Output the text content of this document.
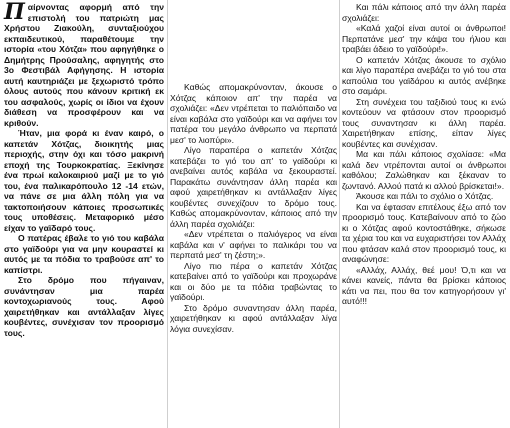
Παίρνοντας αφορμή από την επιστολή του πατριώτη μας Χρήστου Ζιακούλη, συνταξιούχου εκπαιδευτικού, παραθέτουμε την ιστορία «του Χότζα» που αφηγήθηκε ο Δημήτρης Προύσαλης, αφηγητής στο 3ο Φεστιβάλ Αφήγησης. Η ιστορία αυτή καυτηριάζει με ξεχωριστό τρόπο όλους αυτούς που κάνουν κριτική εκ του ασφαλούς, χωρίς οι ίδιοι να έχουν διάθεση να προσφέρουν και να κριθούν.

Ήταν, μια φορά κι έναν καιρό, ο καπετάν Χότζας, διοικητής μιας περιοχής, στην όχι και τόσο μακρινή εποχή της Τουρκοκρατίας. Ξεκίνησε ένα πρωί καλοκαιριού μαζί με το γιό του, ένα παλικαρόπουλο 12 -14 ετών, να πάνε σε μια άλλη πόλη για να τακτοποιήσουν κάποιες προσωπικές τους υποθέσεις. Μεταφορικό μέσο είχαν το γαϊδαρό τους.

Ο πατέρας έβαλε το γιό του καβάλα στο γαϊδούρι για να μην κουραστεί κι αυτός με τα πόδια το τραβούσε απ' το καπίστρι.

Στο δρόμο που πήγαιναν, συνάντησαν μια παρέα κοντοχωριανούς τους. Αφού χαιρετήθηκαν και αντάλλαξαν λίγες κουβέντες, συνέχισαν τον προορισμό τους.

Καθώς απομακρύνονταν, άκουσε ο Χότζας κάποιον απ' την παρέα να σχολιάζει: «Δεν ντρέπεται το παλιόπαιδο να είναι καβάλα στο γαϊδούρι και να αφήνει τον πατέρα του μεγάλο άνθρωπο να περπατά μεσ' το λιοπύρι».

Λίγο παραπέρα ο καπετάν Χότζας κατεβάζει το γιό του απ' το γαϊδούρι κι ανεβαίνει αυτός καβάλα να ξεκουραστεί. Παρακάτω συνάντησαν άλλη παρέα και αφού χαιρετήθηκαν κι αντάλλαξαν λίγες κουβέντες συνεχίζουν το δρόμο τους. Καθώς απομακρύνονταν, κάποιος από την άλλη παρέα σχολιάζει:

«Δεν ντρέπεται ο παλιόγερος να είναι καβάλα και ν' αφήνει το παλικάρι του να περπατά μεσ' τη ζέστη;».

Λίγο πιο πέρα ο καπετάν Χότζας κατεβαίνει από το γαϊδούρι και προχωράνε και οι δύο με τα πόδια τραβώντας το γαϊδούρι.

Στο δρόμο συναντησαν άλλη παρέα, χαιρετήθηκαν κι αφού αντάλλαξαν λίγα λόγια συνεχίσαν.

Και πάλι κάποιος από την άλλη παρέα σχολιάζει:

«Καλά χαζοί είναι αυτοί οι άνθρωποι! Περπατάνε μεσ' την κάψα του ήλιου και τραβάει άδειο το γαϊδούρι!».

Ο καπετάν Χότζας άκουσε το σχόλιο και λίγο παραπέρα ανεβάζει το γιό του στα καπούλια του γαϊδάρου κι αυτός ανέβηκε στο σαμάρι.

Στη συνέχεια του ταξιδιού τους κι ενώ κοντεύουν να φτάσουν στον προορισμό τους συναντησαν κι άλλη παρέα. Χαιρετήθηκαν επίσης, είπαν λίγες κουβέντες και συνέχισαν.

Μα και πάλι κάποιος σχολίασε: «Μα καλά δεν ντρέπονται αυτοί οι άνθρωποι καθόλου; Ζαλώθηκαν και ξέκαναν το ζωντανό. Αλλού πατά κι αλλού βρίσκεται!».

Άκουσε και πάλι το σχόλιο ο Χότζας.

Και να έφτασαν επιτέλους έξω από τον προορισμό τους. Κατεβαίνουν από το ζώο κι ο Χότζας αφού κοντοστάθηκε, σήκωσε τα χέρια του και να ευχαριστήσει τον Αλλάχ που φτάσαν καλά στον προορισμό τους, κι αναφώνησε:

«Αλλάχ, Αλλάχ, θεέ μου! Ό,τι και να κάνει κανείς, πάντα θα βρίσκει κάποιος κάτι να πει, που θα τον κατηγορήσουν γι' αυτό!!!
